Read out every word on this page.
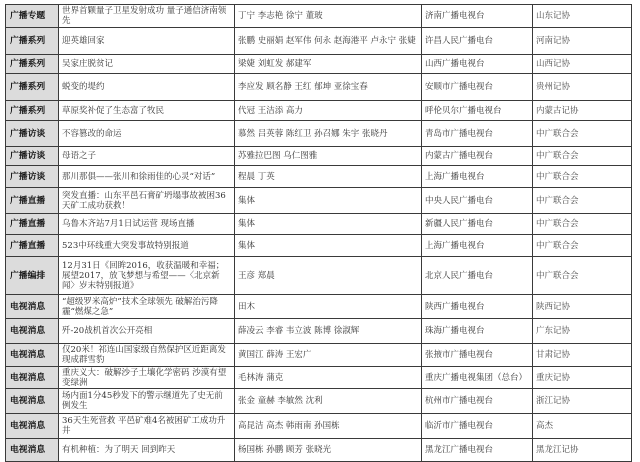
广播专题	世界首颗量子卫星发射成功 量子通信济南领先	丁宁 李志艳 徐宁 董玻	济南广播电视台	山东记协
广播系列	迎英雄回家	张鹏 史丽娟 赵军伟 何永 赵海港平 卢永宁 张婕	许昌人民广播电台	河南记协
广播系列	吴家庄脱贫记	梁婕 刘虹发 郝建军	山西广播电视台	山西记协
广播系列	蜕变的堤约	李应发 顾名静 王红 郁坤 亚徐宝春	安顺市广播电视台	贵州记协
广播系列	草原奖补促了生态富了牧民	代冠 王洁添 高力	呼伦贝尔广播电视台	内蒙古记协
广播访谈	不容篡改的命运	慕然 吕英蓉 陈红卫 孙召娜 朱宇 张晓丹	青岛市广播电视台	中广联合会
广播访谈	母语之子	苏雅拉巴图 乌仁图雅	内蒙古广播电视台	中广联合会
广播访谈	那川那俱——张川和徐雨佳的心灵“对话”	程晨 丁英	上海广播电视台	中广联合会
广播直播	突发直播：山东平邑石膏矿坍塌事故被困36天矿工成功获救！	集体	中央人民广播电台	中广联合会
广播直播	乌鲁木齐站7月1日试运营 现场直播	集体	新疆人民广播电台	中广联合会
广播直播	523中环线重大突发事故特别报道	集体	上海广播电视台	中广联合会
广播编排	12月31日《回眸2016，收获温暖和幸福；展望2017，放飞梦想与希望——〈北京新闻〉岁末特别报道》	王彦 郑晨	北京人民广播电台	中广联合会
电视消息	“超级罗米高炉”技术全球领先 破解治污降霾“燃煤之急”	田木	陕西广播电视台	陕西记协
电视消息	歼-20战机首次公开亮相	薛凌云 李睿 韦立波 陈博 徐淑辉	珠海广播电视台	广东记协
电视消息	仅20米！祁连山国家级自然保护区近距离发现成群雪豹	黄国江 薛涛 王宏广	张掖市广播电视台	甘肃记协
电视消息	重庆义大：破解沙子土壤化学密码 沙漠有望变绿洲	毛林涛 蒲克	重庆广播电视集团（总台）	重庆记协
电视消息	场内面1分45秒发下的警示继道先了史无前例发生	张金 童赫 李敏然 沈利	杭州市广播电视台	浙江记协
电视消息	36天生死营救 平邑矿难4名被困矿工成功升井	高昆洁 高杰 韩雨南 孙国栋	临沂市广播电视台	高杰
电视消息	有机种植：为了明天 回到昨天	杨国栋 孙鹏 顾芳 张晓光	黑龙江广播电视台	黑龙江记协
